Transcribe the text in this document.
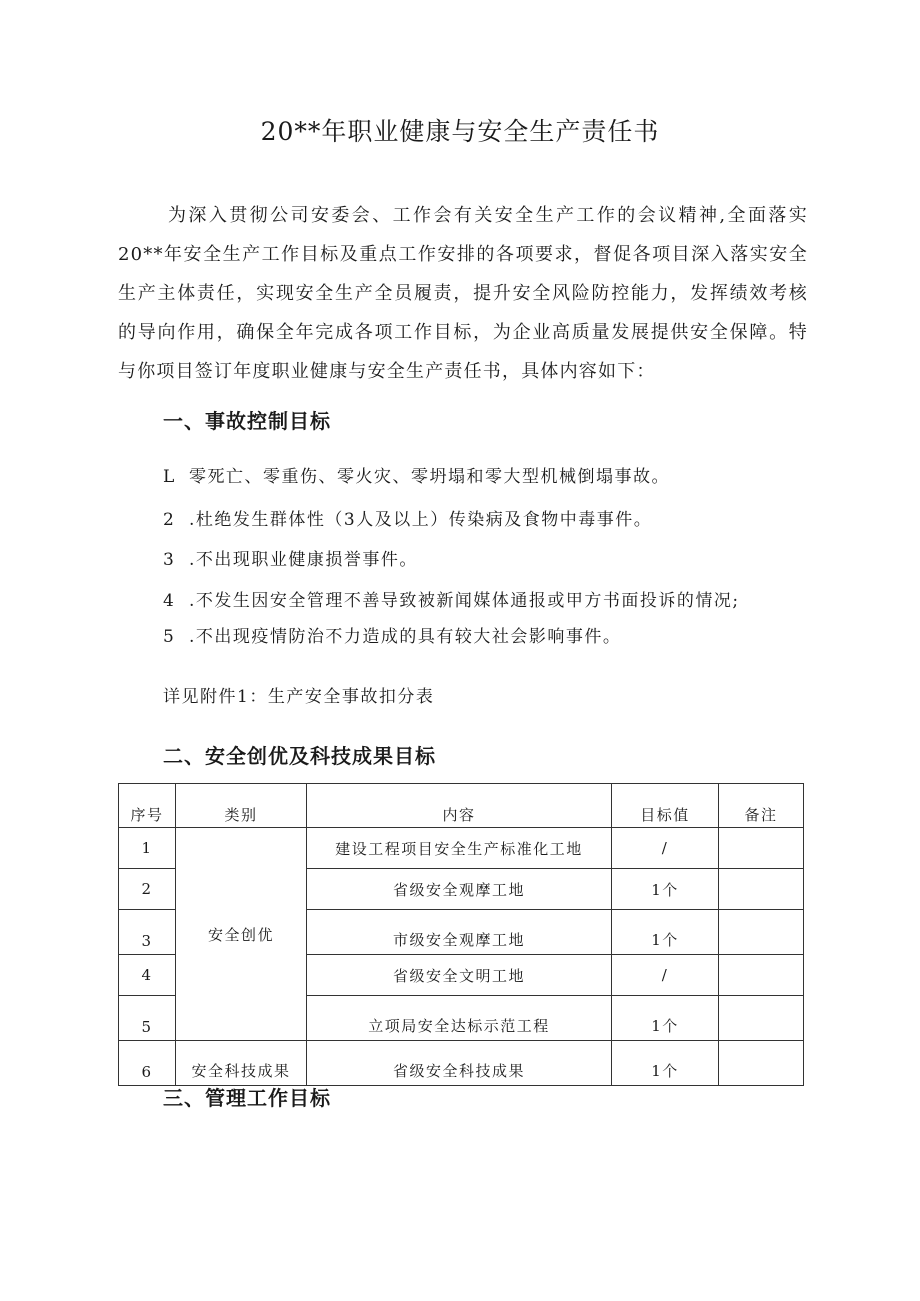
20**年职业健康与安全生产责任书

为深入贯彻公司安委会、工作会有关安全生产工作的会议精神,全面落实20**年安全生产工作目标及重点工作安排的各项要求，督促各项目深入落实安全生产主体责任，实现安全生产全员履责，提升安全风险防控能力，发挥绩效考核的导向作用，确保全年完成各项工作目标，为企业高质量发展提供安全保障。特与你项目签订年度职业健康与安全生产责任书，具体内容如下：

一、事故控制目标

L 零死亡、零重伤、零火灾、零坍塌和零大型机械倒塌事故。

2 .杜绝发生群体性（3人及以上）传染病及食物中毒事件。

3 .不出现职业健康损誉事件。

4 .不发生因安全管理不善导致被新闻媒体通报或甲方书面投诉的情况;

5 .不出现疫情防治不力造成的具有较大社会影响事件。

详见附件1：生产安全事故扣分表

二、安全创优及科技成果目标
序号	类别	内容	目标值	备注
1	安全创优	建设工程项目安全生产标准化工地	/	
2		省级安全观摩工地	1个	
3		市级安全观摩工地	1个	
4		省级安全文明工地	/	
5		立项局安全达标示范工程	1个	
6	安全科技成果	省级安全科技成果	1个	
三、管理工作目标
